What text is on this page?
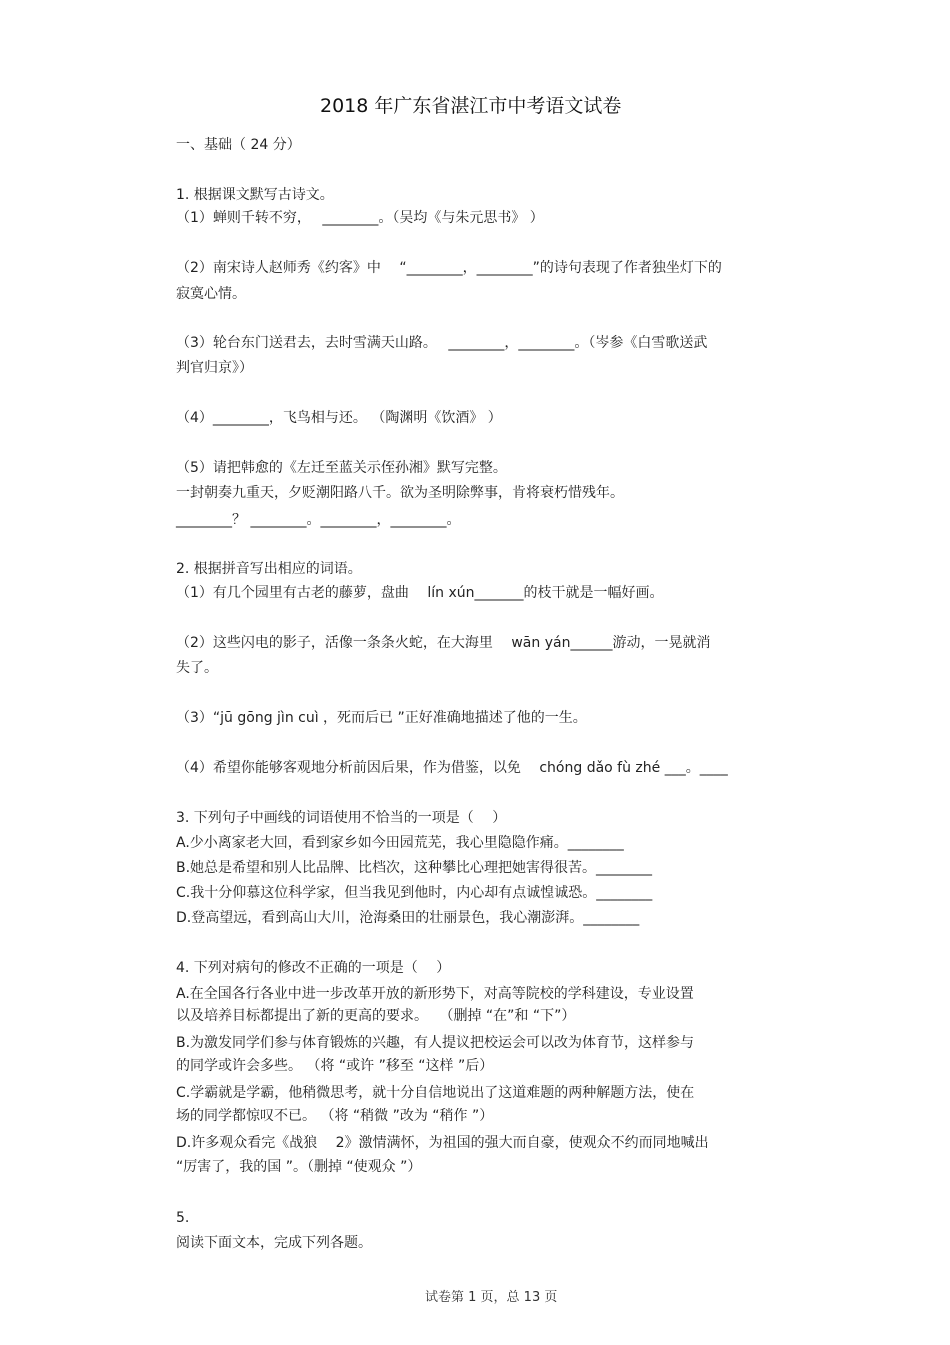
2018 年广东省湛江市中考语文试卷
一、基础（ 24 分）
1. 根据课文默写古诗文。
（1）蝉则千转不穷，　 ________。（吴均《与朱元思书》 ）
（2）南宋诗人赵师秀《约客》中　 “________，________”的诗句表现了作者独坐灯下的
寂寞心情。
（3）轮台东门送君去，去时雪满天山路。　 ________，________。（岑参《白雪歌送武
判官归京》）
（4）________，飞鸟相与还。 （陶渊明《饮酒》 ）
（5）请把韩愈的《左迁至蓝关示侄孙湘》默写完整。
一封朝奏九重天，夕贬潮阳路八千。欲为圣明除弊事，肯将衰朽惜残年。
________？ ________。________，________。
2. 根据拼音写出相应的词语。
（1）有几个园里有古老的藤萝，盘曲　 lín xún_______的枝干就是一幅好画。
（2）这些闪电的影子，活像一条条火蛇，在大海里　 wān yán______游动，一晃就消
失了。
（3）“jū gōng jìn cuì ，死而后已 ”正好准确地描述了他的一生。
（4）希望你能够客观地分析前因后果，作为借鉴，以免　 chóng dǎo fù zhé ___。____
3. 下列句子中画线的词语使用不恰当的一项是（　 ）
A.少小离家老大回，看到家乡如今田园荒芜，我心里隐隐作痛。________
B.她总是希望和别人比品牌、比档次，这种攀比心理把她害得很苦。________
C.我十分仰慕这位科学家，但当我见到他时，内心却有点诚惶诚恐。________
D.登高望远，看到高山大川，沧海桑田的壮丽景色，我心潮澎湃。________
4. 下列对病句的修改不正确的一项是（　 ）
A.在全国各行各业中进一步改革开放的新形势下，对高等院校的学科建设，专业设置
以及培养目标都提出了新的更高的要求。　 （删掉 “在”和 “下”）
B.为激发同学们参与体育锻炼的兴趣，有人提议把校运会可以改为体育节，这样参与
的同学或许会多些。 （将 “或许 ”移至 “这样 ”后）
C.学霸就是学霸，他稍微思考，就十分自信地说出了这道难题的两种解题方法，使在
场的同学都惊叹不已。 （将 “稍微 ”改为 “稍作 ”）
D.许多观众看完《战狼　 2》激情满怀，为祖国的强大而自豪，使观众不约而同地喊出
“厉害了，我的国 ”。（删掉 “使观众 ”）
5.
阅读下面文本，完成下列各题。
试卷第 1 页，总 13 页
